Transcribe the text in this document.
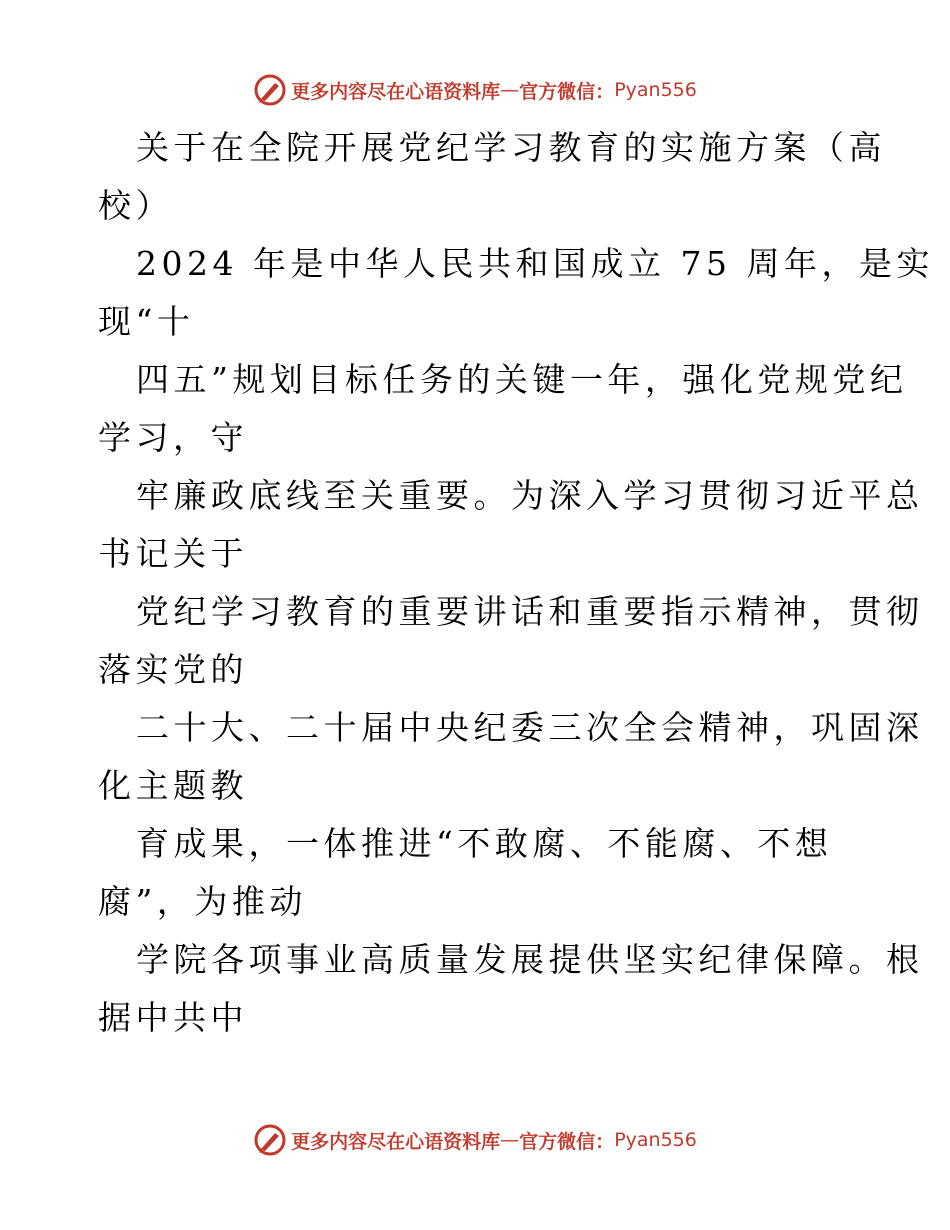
更多内容尽在心语资料库 — 官方微信： Pyan556
关于在全院开展党纪学习教育的实施方案（高
校）
2024 年是中华人民共和国成立 75 周年，是实
现“十
四五”规划目标任务的关键一年，强化党规党纪
学习，守
牢廉政底线至关重要。为深入学习贯彻习近平总
书记关于
党纪学习教育的重要讲话和重要指示精神，贯彻
落实党的
二十大、二十届中央纪委三次全会精神，巩固深
化主题教
育成果，一体推进“不敢腐、不能腐、不想
腐”，为推动
学院各项事业高质量发展提供坚实纪律保障。根
据中共中
更多内容尽在心语资料库 — 官方微信： Pyan556
